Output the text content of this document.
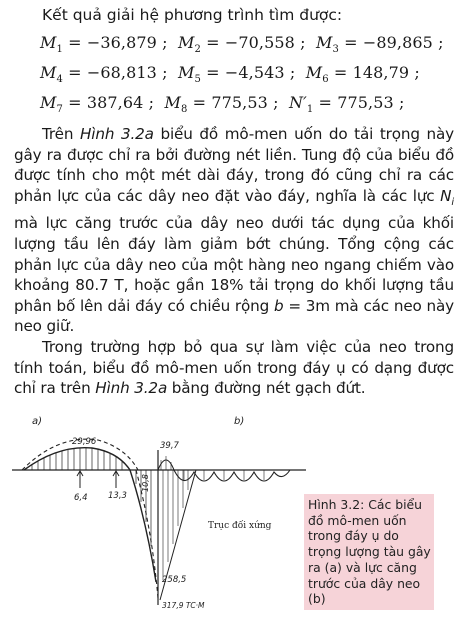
Kết quả giải hệ phương trình tìm được:
$M_1 = -36,879$ ;  $M_2 = -70,558$ ;  $M_3 = -89,865$ ;
$M_4 = -68,813$ ;  $M_5 = -4,543$ ;  $M_6 = 148,79$ ;
$M_7 = 387,64$ ;  $M_8 = 775,53$ ;  $N'_1 = 775,53$ ;

Trên Hình 3.2a biểu đồ mô-men uốn do tải trọng này gây ra được chỉ ra bởi đường nét liền. Tung độ của biểu đồ được tính cho một mét dài đáy, trong đó cũng chỉ ra các phản lực của các dây neo đặt vào đáy, nghĩa là các lực $N_i$ mà lực căng trước của dây neo dưới tác dụng của khối lượng tầu lên đáy làm giảm bớt chúng. Tổng cộng các phản lực của dây neo của một hàng neo ngang chiếm vào khoảng 80.7 T, hoặc gần 18% tải trọng do khối lượng tầu phân bố lên dải đáy có chiều rộng b = 3m mà các neo này neo giữ.

Trong trường hợp bỏ qua sự làm việc của neo trong tính toán, biểu đồ mô-men uốn trong đáy ụ có dạng được chỉ ra trên Hình 3.2a bằng đường nét gạch đứt.

a)	b)
29,96	39,7
6,4 13,3
10,8
258,5
317,9 TC·M
Trục đối xứng
Hình 3.2: Các biểu đồ mô-men uốn trong đáy ụ do trọng lượng tàu gây ra (a) và lực căng trước của dây neo (b)
